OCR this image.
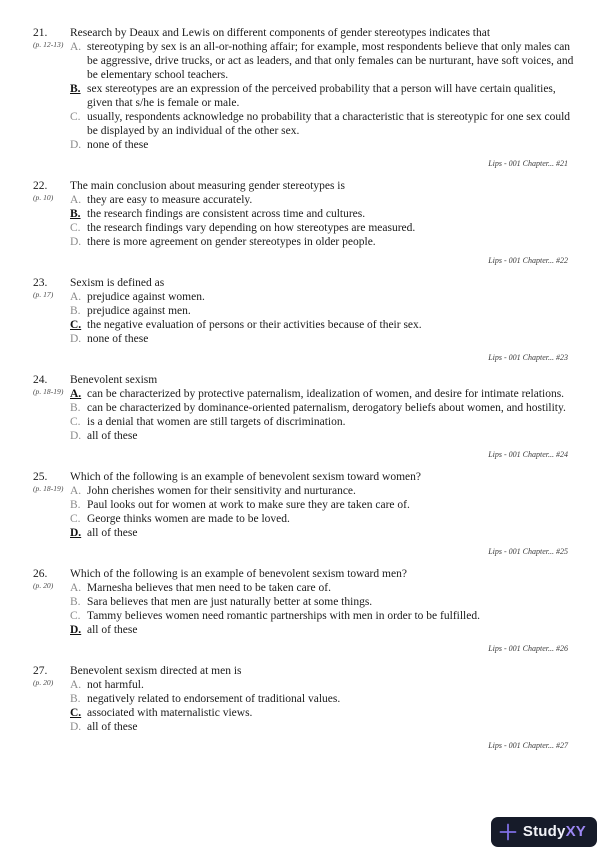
21.
(p. 12-13)
Research by Deaux and Lewis on different components of gender stereotypes indicates that
A. stereotyping by sex is an all-or-nothing affair; for example, most respondents believe that only males can be aggressive, drive trucks, or act as leaders, and that only females can be nurturant, have soft voices, and be elementary school teachers.
B. sex stereotypes are an expression of the perceived probability that a person will have certain qualities, given that s/he is female or male.
C. usually, respondents acknowledge no probability that a characteristic that is stereotypic for one sex could be displayed by an individual of the other sex.
D. none of these
Lips - 001 Chapter... #21
22.
(p. 10)
The main conclusion about measuring gender stereotypes is
A. they are easy to measure accurately.
B. the research findings are consistent across time and cultures.
C. the research findings vary depending on how stereotypes are measured.
D. there is more agreement on gender stereotypes in older people.
Lips - 001 Chapter... #22
23.
(p. 17)
Sexism is defined as
A. prejudice against women.
B. prejudice against men.
C. the negative evaluation of persons or their activities because of their sex.
D. none of these
Lips - 001 Chapter... #23
24.
(p. 18-19)
Benevolent sexism
A. can be characterized by protective paternalism, idealization of women, and desire for intimate relations.
B. can be characterized by dominance-oriented paternalism, derogatory beliefs about women, and hostility.
C. is a denial that women are still targets of discrimination.
D. all of these
Lips - 001 Chapter... #24
25.
(p. 18-19)
Which of the following is an example of benevolent sexism toward women?
A. John cherishes women for their sensitivity and nurturance.
B. Paul looks out for women at work to make sure they are taken care of.
C. George thinks women are made to be loved.
D. all of these
Lips - 001 Chapter... #25
26.
(p. 20)
Which of the following is an example of benevolent sexism toward men?
A. Marnesha believes that men need to be taken care of.
B. Sara believes that men are just naturally better at some things.
C. Tammy believes women need romantic partnerships with men in order to be fulfilled.
D. all of these
Lips - 001 Chapter... #26
27.
(p. 20)
Benevolent sexism directed at men is
A. not harmful.
B. negatively related to endorsement of traditional values.
C. associated with maternalistic views.
D. all of these
Lips - 001 Chapter... #27
StudyXY
